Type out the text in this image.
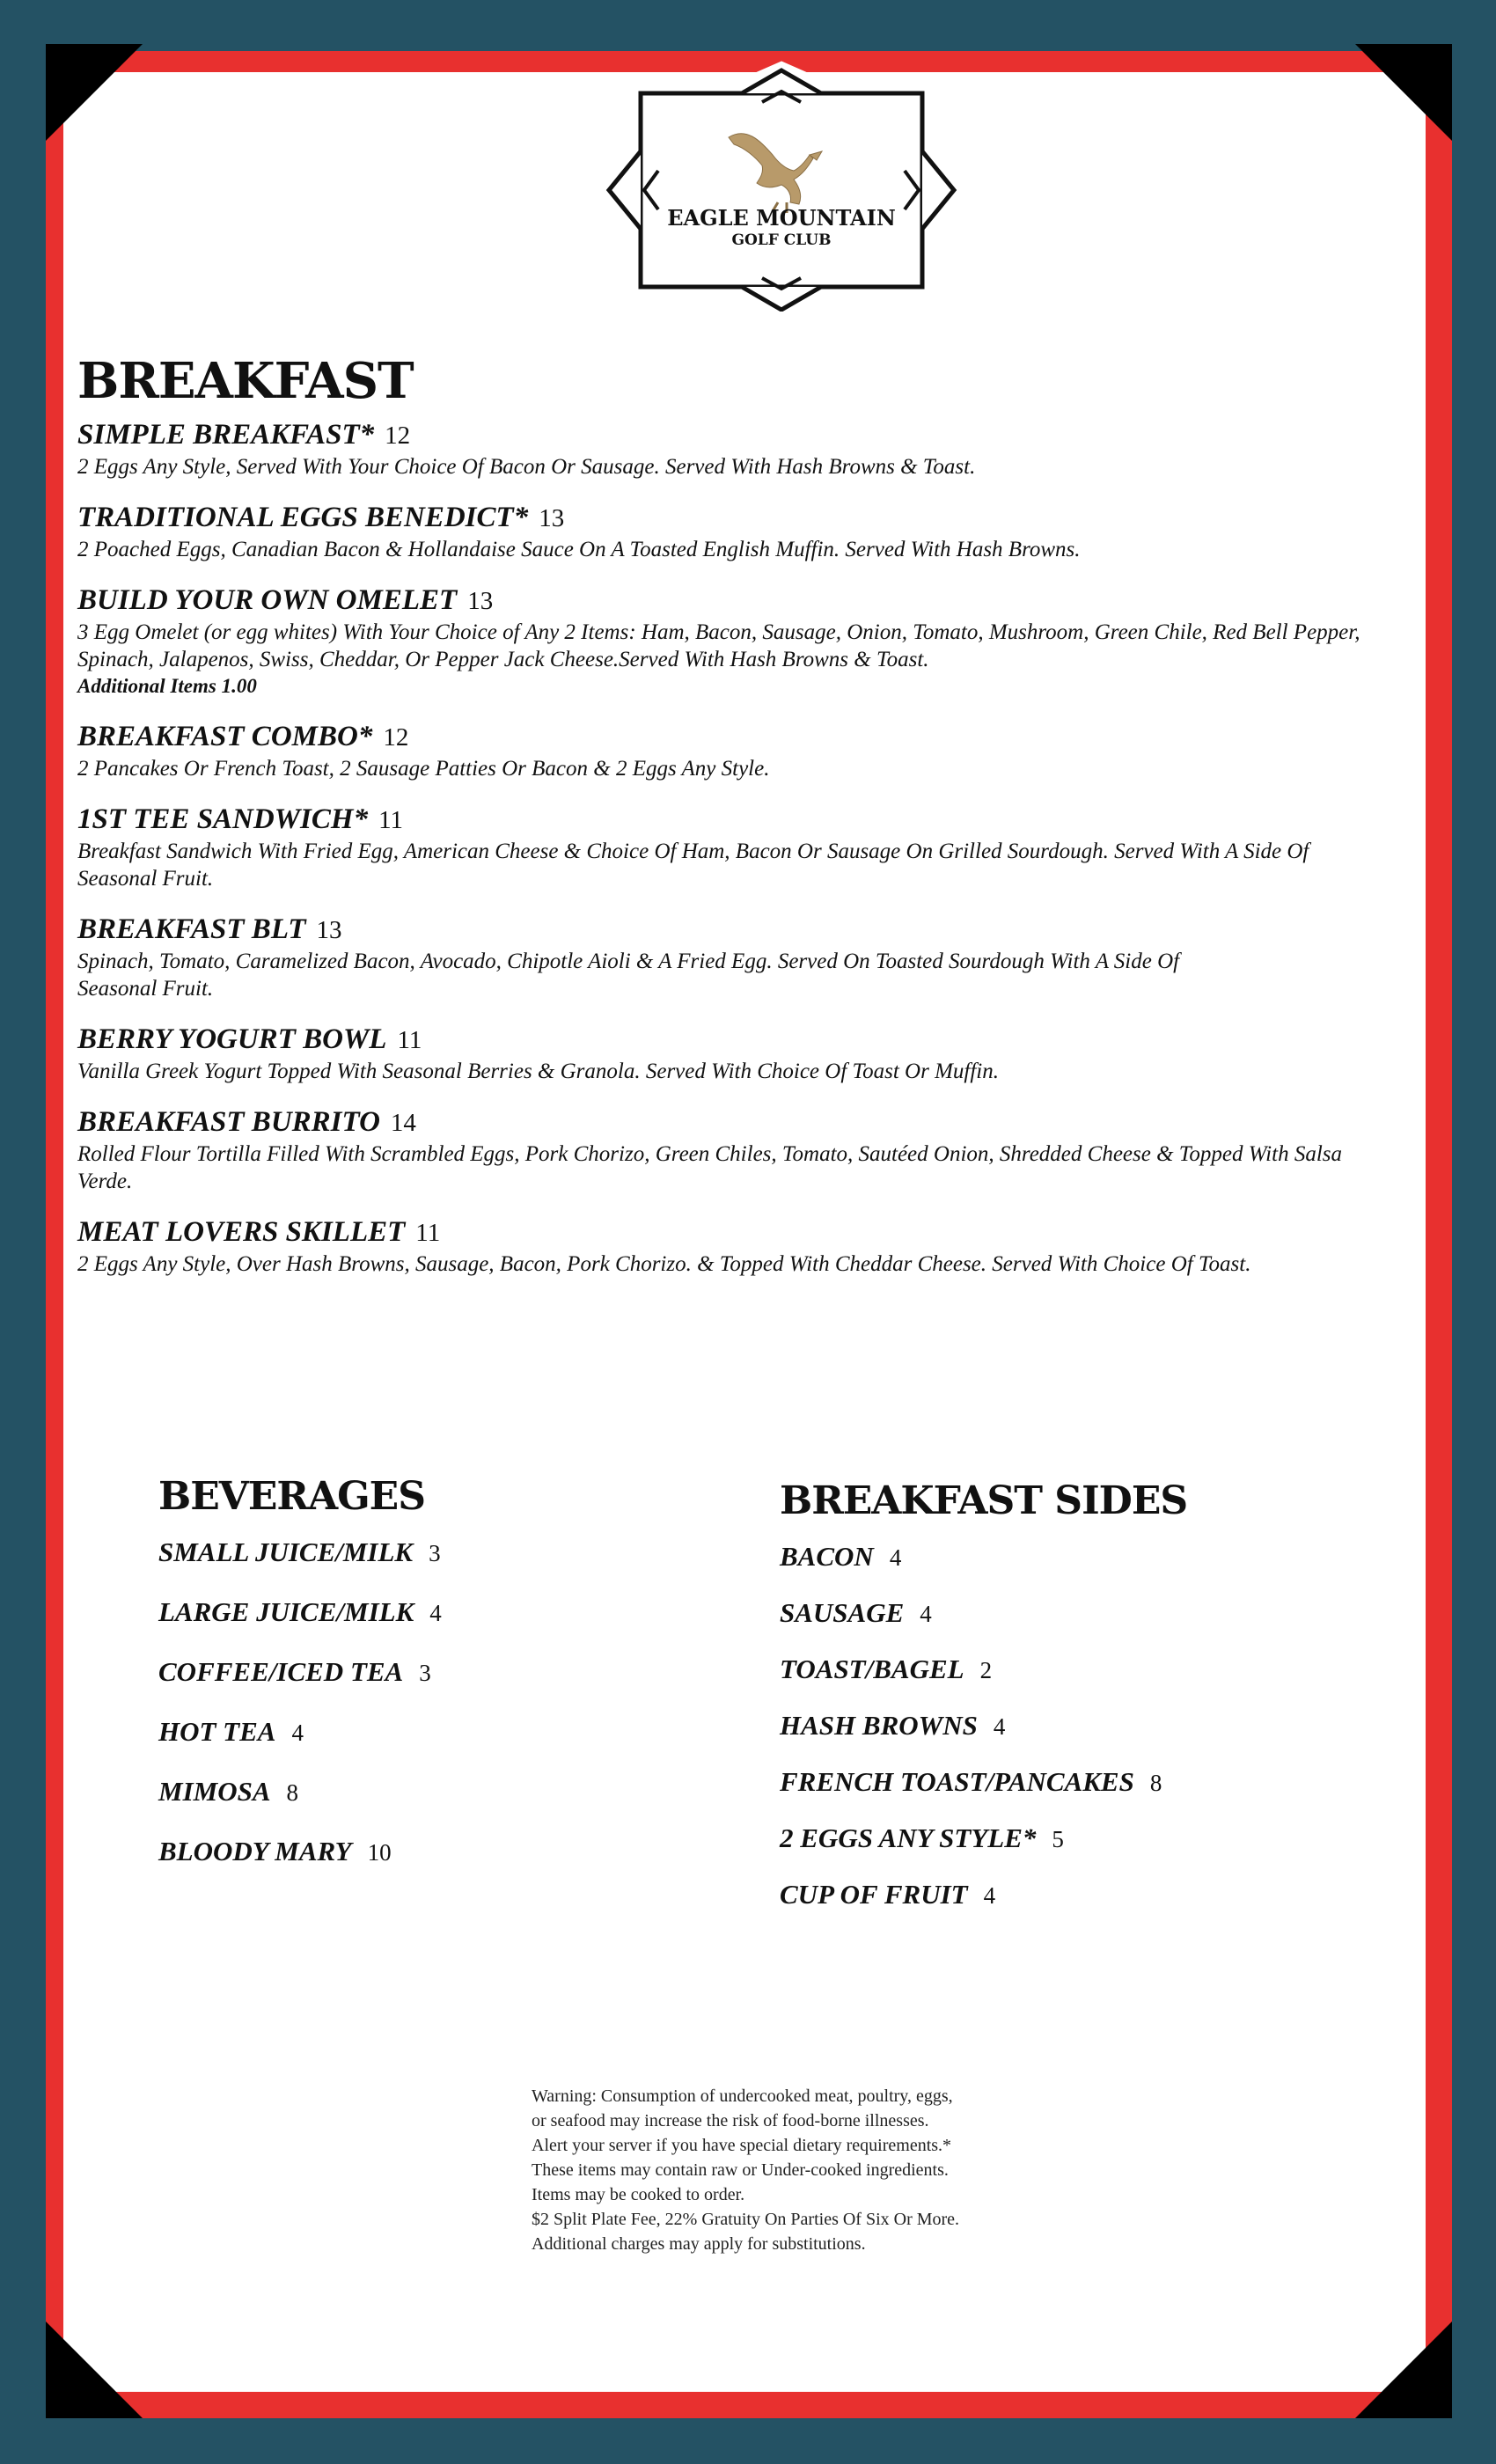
EAGLE MOUNTAIN
GOLF CLUB
BREAKFAST
SIMPLE BREAKFAST* 12
2 Eggs Any Style, Served With Your Choice Of Bacon Or Sausage. Served With Hash Browns & Toast.
TRADITIONAL EGGS BENEDICT* 13
2 Poached Eggs, Canadian Bacon & Hollandaise Sauce On A Toasted English Muffin. Served With Hash Browns.
BUILD YOUR OWN OMELET 13
3 Egg Omelet (or egg whites) With Your Choice of Any 2 Items: Ham, Bacon, Sausage, Onion, Tomato, Mushroom, Green Chile, Red Bell Pepper, Spinach, Jalapenos, Swiss, Cheddar, Or Pepper Jack Cheese.Served With Hash Browns & Toast.
Additional Items 1.00
BREAKFAST COMBO* 12
2 Pancakes Or French Toast, 2 Sausage Patties Or Bacon & 2 Eggs Any Style.
1ST TEE SANDWICH* 11
Breakfast Sandwich With Fried Egg, American Cheese & Choice Of Ham, Bacon Or Sausage On Grilled Sourdough. Served With A Side Of Seasonal Fruit.
BREAKFAST BLT 13
Spinach, Tomato, Caramelized Bacon, Avocado, Chipotle Aioli & A Fried Egg. Served On Toasted Sourdough With A Side Of Seasonal Fruit.
BERRY YOGURT BOWL 11
Vanilla Greek Yogurt Topped With Seasonal Berries & Granola. Served With Choice Of Toast Or Muffin.
BREAKFAST BURRITO 14
Rolled Flour Tortilla Filled With Scrambled Eggs, Pork Chorizo, Green Chiles, Tomato, Sautéed Onion, Shredded Cheese & Topped With Salsa Verde.
MEAT LOVERS SKILLET 11
2 Eggs Any Style, Over Hash Browns, Sausage, Bacon, Pork Chorizo. & Topped With Cheddar Cheese. Served With Choice Of Toast.
BEVERAGES
SMALL JUICE/MILK 3
LARGE JUICE/MILK 4
COFFEE/ICED TEA 3
HOT TEA 4
MIMOSA 8
BLOODY MARY 10
BREAKFAST SIDES
BACON 4
SAUSAGE 4
TOAST/BAGEL 2
HASH BROWNS 4
FRENCH TOAST/PANCAKES 8
2 EGGS ANY STYLE* 5
CUP OF FRUIT 4
Warning: Consumption of undercooked meat, poultry, eggs, or seafood may increase the risk of food-borne illnesses. Alert your server if you have special dietary requirements.* These items may contain raw or Under-cooked ingredients. Items may be cooked to order.
$2 Split Plate Fee, 22% Gratuity On Parties Of Six Or More. Additional charges may apply for substitutions.
